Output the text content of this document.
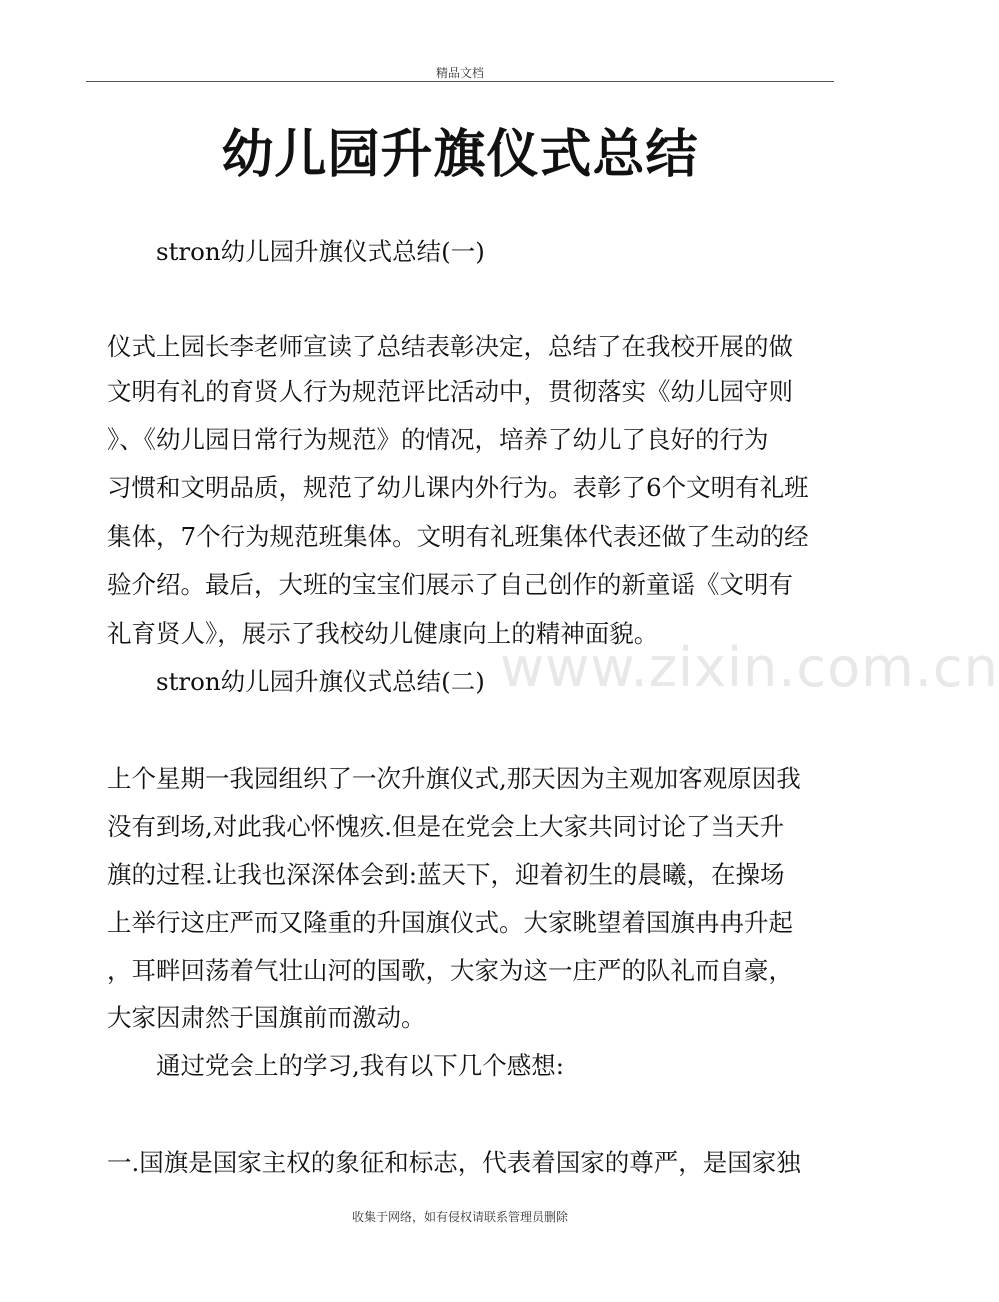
精品文档
www.zixin.com.cn
幼儿园升旗仪式总结
stron幼儿园升旗仪式总结(一)
仪式上园长李老师宣读了总结表彰决定，总结了在我校开展的做
文明有礼的育贤人行为规范评比活动中，贯彻落实《幼儿园守则
》、《幼儿园日常行为规范》的情况，培养了幼儿了良好的行为
习惯和文明品质，规范了幼儿课内外行为。表彰了6个文明有礼班
集体，7个行为规范班集体。文明有礼班集体代表还做了生动的经
验介绍。最后，大班的宝宝们展示了自己创作的新童谣《文明有
礼育贤人》，展示了我校幼儿健康向上的精神面貌。
stron幼儿园升旗仪式总结(二)
上个星期一我园组织了一次升旗仪式,那天因为主观加客观原因我
没有到场,对此我心怀愧疚.但是在党会上大家共同讨论了当天升
旗的过程.让我也深深体会到:蓝天下，迎着初生的晨曦，在操场
上举行这庄严而又隆重的升国旗仪式。大家眺望着国旗冉冉升起
，耳畔回荡着气壮山河的国歌，大家为这一庄严的队礼而自豪，
大家因肃然于国旗前而激动。
通过党会上的学习,我有以下几个感想:
一.国旗是国家主权的象征和标志，代表着国家的尊严，是国家独
收集于网络，如有侵权请联系管理员删除
